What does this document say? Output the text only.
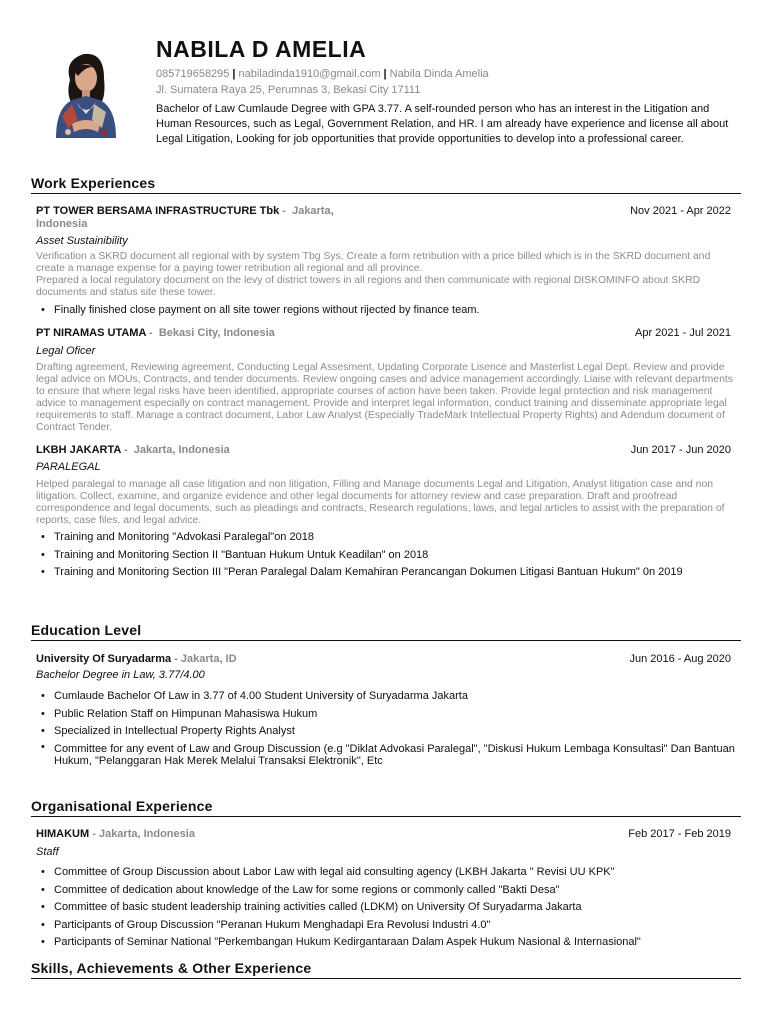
NABILA D AMELIA
085719658295 | nabiladinda1910@gmail.com | Nabila Dinda Amelia
Jl. Sumatera Raya 25, Perumnas 3, Bekasi City 17111
Bachelor of Law Cumlaude Degree with GPA 3.77. A self-rounded person who has an interest in the Litigation and Human Resources, such as Legal, Government Relation, and HR. I am already have experience and license all about Legal Litigation, Looking for job opportunities that provide opportunities to develop into a professional career.
Work Experiences
PT TOWER BERSAMA INFRASTRUCTURE Tbk -  Jakarta,
Indonesia
Nov 2021 - Apr 2022
Asset Sustainibility
Verification a SKRD document all regional with by system Tbg Sys, Create a form retribution with a price billed which is in the SKRD document and create a manage expense for a paying tower retribution all regional and all province.
Prepared a local regulatory document on the levy of district towers in all regions and then communicate with regional DISKOMINFO about SKRD documents and status site these tower.
• Finally finished close payment on all site tower regions without rijected by finance team.
PT NIRAMAS UTAMA -  Bekasi City, Indonesia	Apr 2021 - Jul 2021
Legal Oficer
Drafting agreement, Reviewing agreement, Conducting Legal Assesment, Updating Corporate Lisence and Masterlist Legal Dept. Review and provide legal advice on MOUs, Contracts, and tender documents. Review ongoing cases and advice management accordingly. Liaise with relevant departments to ensure that where legal risks have been identified, appropriate courses of action have been taken. Provide legal protection and risk management advice to management especially on contract management. Provide and interpret legal information, conduct training and disseminate appropriate legal requirements to staff. Manage a contract document, Labor Law Analyst (Especially TradeMark Intellectual Property Rights) and Adendum document of Contract Tender.
LKBH JAKARTA -  Jakarta, Indonesia	Jun 2017 - Jun 2020
PARALEGAL
Helped paralegal to manage all case litigation and non litigation, Filling and Manage documents Legal and Litigation, Analyst litigation case and non litigation. Collect, examine, and organize evidence and other legal documents for attorney review and case preparation. Draft and proofread correspondence and legal documents, such as pleadings and contracts, Research regulations, laws, and legal articles to assist with the preparation of reports, case files, and legal advice.
• Training and Monitoring "Advokasi Paralegal"on 2018
• Training and Monitoring Section II "Bantuan Hukum Untuk Keadilan" on 2018
• Training and Monitoring Section III "Peran Paralegal Dalam Kemahiran Perancangan Dokumen Litigasi Bantuan Hukum" 0n 2019
Education Level
University Of Suryadarma - Jakarta, ID	Jun 2016 - Aug 2020
Bachelor Degree in Law, 3.77/4.00
• Cumlaude Bachelor Of Law in 3.77 of 4.00 Student University of Suryadarma Jakarta
• Public Relation Staff on Himpunan Mahasiswa Hukum
• Specialized in Intellectual Property Rights Analyst
• Committee for any event of Law and Group Discussion (e.g "Diklat Advokasi Paralegal", "Diskusi Hukum Lembaga Konsultasi" Dan Bantuan Hukum, "Pelanggaran Hak Merek Melalui Transaksi Elektronik", Etc
Organisational Experience
HIMAKUM - Jakarta, Indonesia	Feb 2017 - Feb 2019
Staff
• Committee of Group Discussion about Labor Law with legal aid consulting agency (LKBH Jakarta " Revisi UU KPK"
• Committee of dedication about knowledge of the Law for some regions or commonly called "Bakti Desa"
• Committee of basic student leadership training activities called (LDKM) on University Of Suryadarma Jakarta
• Participants of Group Discussion "Peranan Hukum Menghadapi Era Revolusi Industri 4.0"
• Participants of Seminar National "Perkembangan Hukum Kedirgantaraan Dalam Aspek Hukum Nasional & Internasional"
Skills, Achievements & Other Experience
